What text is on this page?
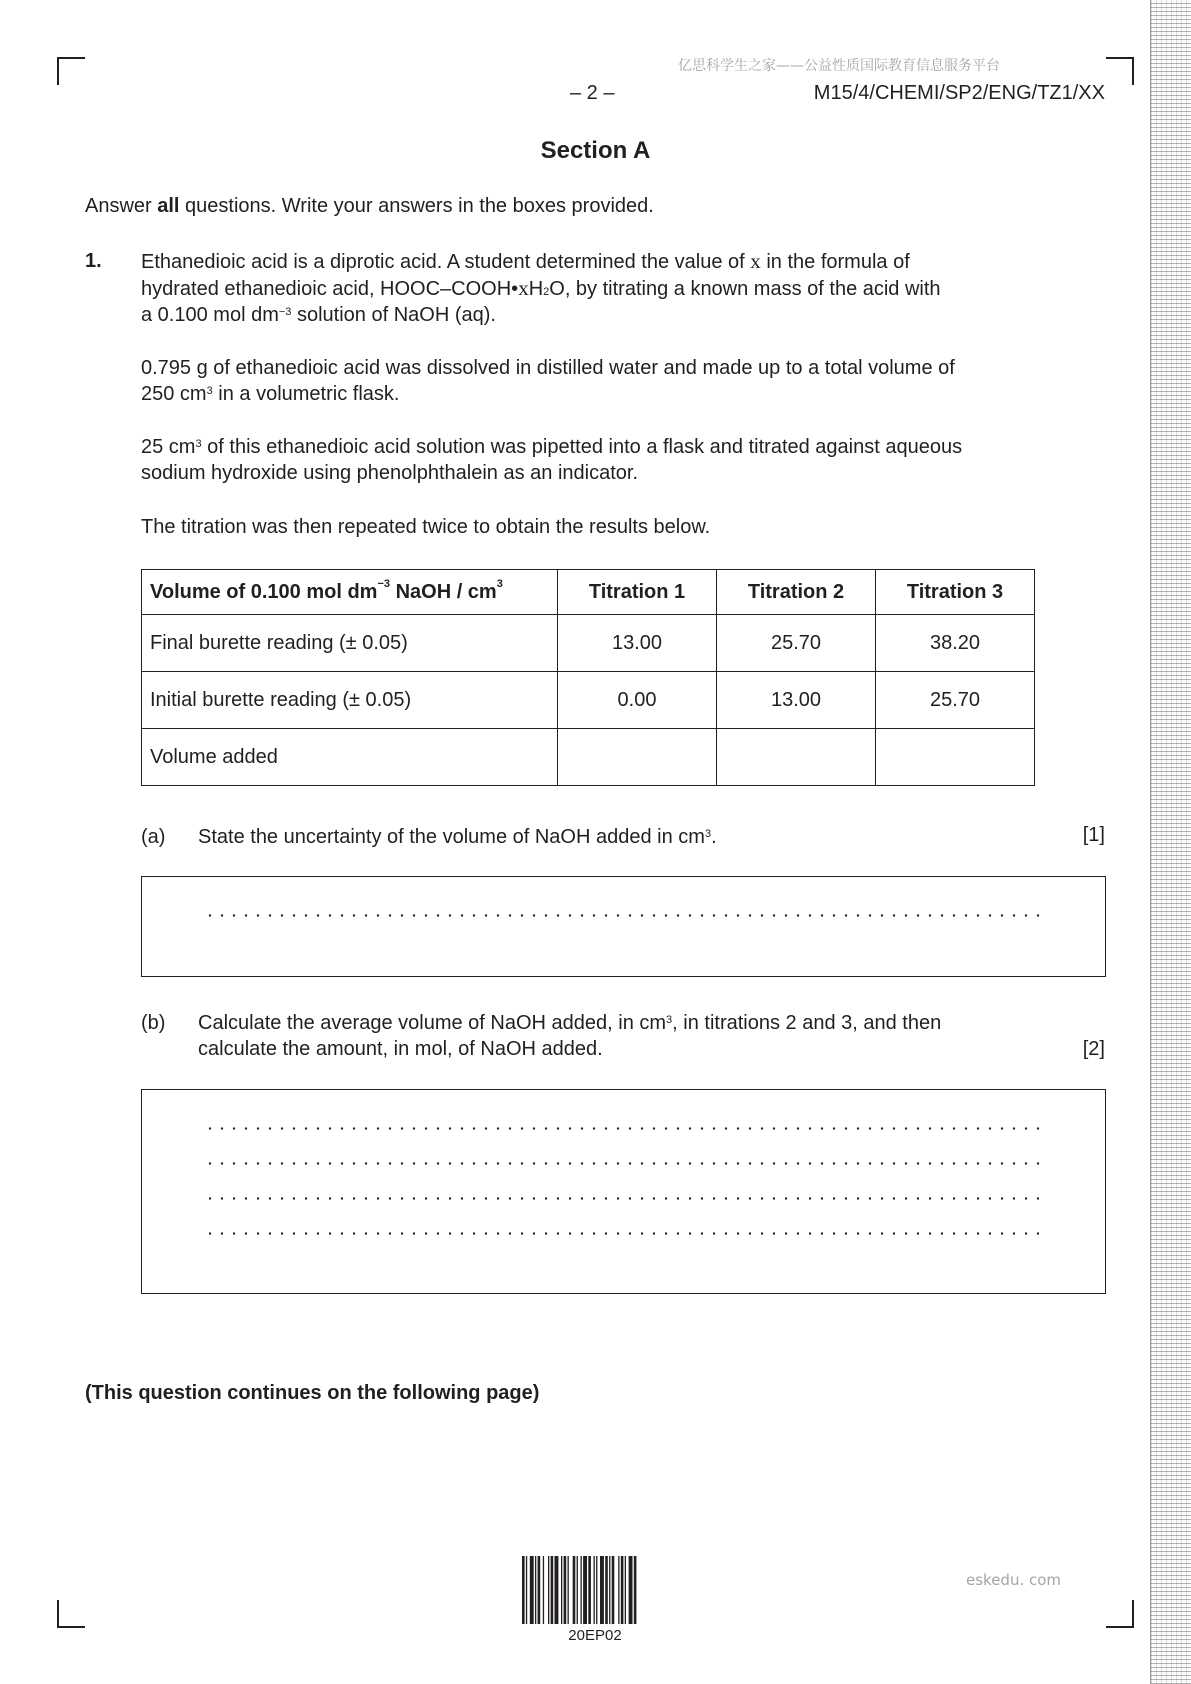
亿思科学生之家——公益性质国际教育信息服务平台
– 2 –	M15/4/CHEMI/SP2/ENG/TZ1/XX
Section A
Answer all questions. Write your answers in the boxes provided.
1. Ethanedioic acid is a diprotic acid. A student determined the value of x in the formula of
hydrated ethanedioic acid, HOOC–$COOH•xH_2O$, by titrating a known mass of the acid with
a 0.100 mol $dm^{-3}$ solution of NaOH (aq).
0.795 g of ethanedioic acid was dissolved in distilled water and made up to a total volume of
250 $cm^3$ in a volumetric flask.
25 $cm^3$ of this ethanedioic acid solution was pipetted into a flask and titrated against aqueous
sodium hydroxide using phenolphthalein as an indicator.
The titration was then repeated twice to obtain the results below.
Volume of 0.100 mol $dm^{-3}$ NaOH / $cm^3$	Titration 1	Titration 2	Titration 3
Final burette reading (± 0.05)	13.00	25.70	38.20
Initial burette reading (± 0.05)	0.00	13.00	25.70
Volume added			
(a) State the uncertainty of the volume of NaOH added in $cm^3$.	[1]
(b) Calculate the average volume of NaOH added, in $cm^3$, in titrations 2 and 3, and then
calculate the amount, in mol, of NaOH added.	[2]
(This question continues on the following page)
eskedu. com
20EP02
